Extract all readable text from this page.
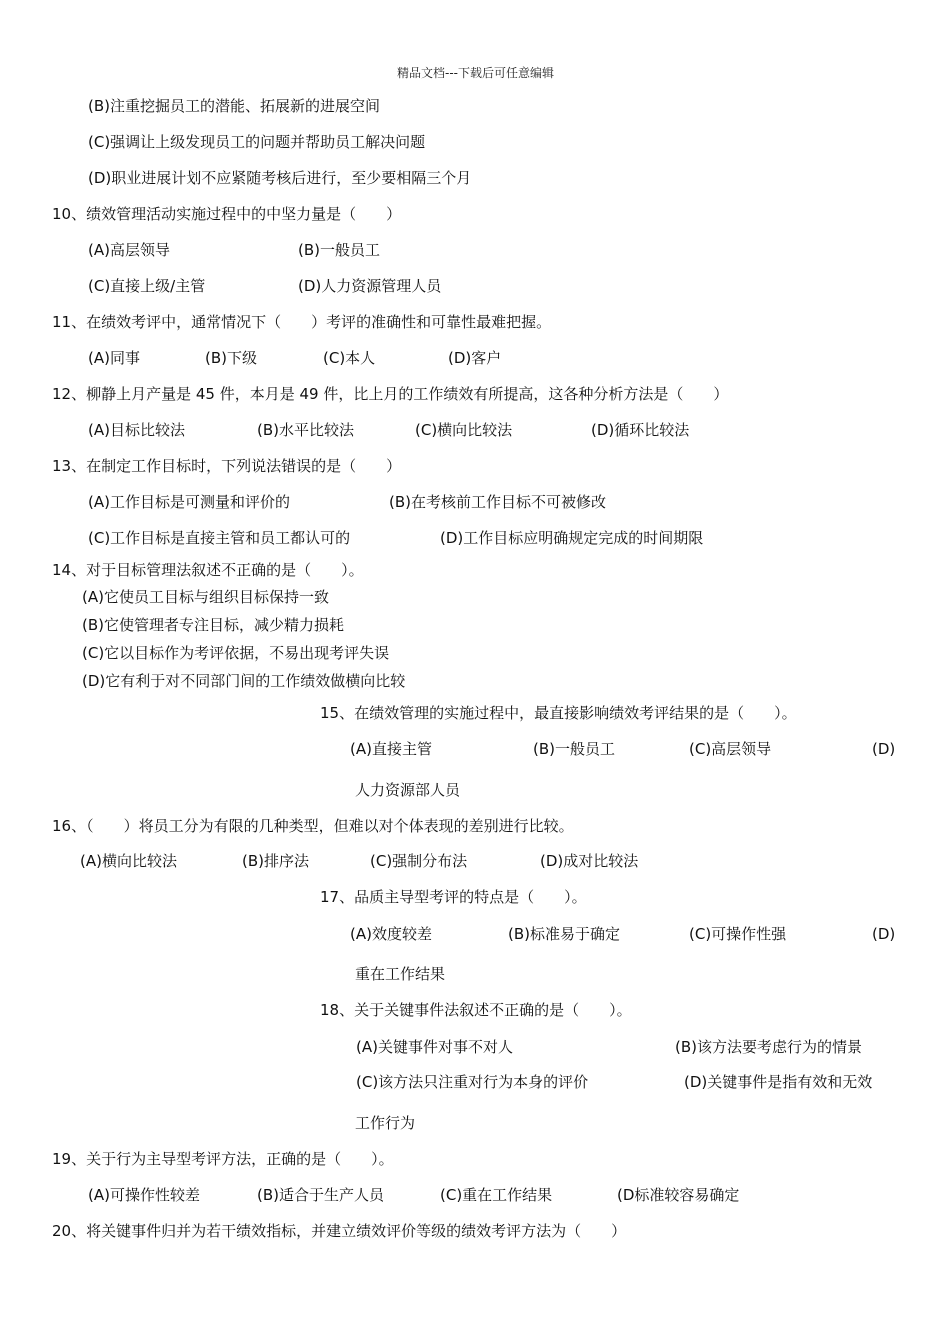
精品文档---下载后可任意编辑
(B)注重挖掘员工的潜能、拓展新的进展空间
(C)强调让上级发现员工的问题并帮助员工解决问题
(D)职业进展计划不应紧随考核后进行，至少要相隔三个月
10、绩效管理活动实施过程中的中坚力量是（　　）
(A)高层领导	(B)一般员工
(C)直接上级/主管	(D)人力资源管理人员
11、在绩效考评中，通常情况下（　　）考评的准确性和可靠性最难把握。
(A)同事	(B)下级	(C)本人	(D)客户
12、柳静上月产量是 45 件，本月是 49 件，比上月的工作绩效有所提高，这各种分析方法是（　　）
(A)目标比较法	(B)水平比较法	(C)横向比较法	(D)循环比较法
13、在制定工作目标时，下列说法错误的是（　　）
(A)工作目标是可测量和评价的	(B)在考核前工作目标不可被修改
(C)工作目标是直接主管和员工都认可的	(D)工作目标应明确规定完成的时间期限
14、对于目标管理法叙述不正确的是（　　）。
(A)它使员工目标与组织目标保持一致
(B)它使管理者专注目标，减少精力损耗
(C)它以目标作为考评依据，不易出现考评失误
(D)它有利于对不同部门间的工作绩效做横向比较
15、在绩效管理的实施过程中，最直接影响绩效考评结果的是（　　）。
(A)直接主管	(B)一般员工	(C)高层领导	(D)
人力资源部人员
16、（　　）将员工分为有限的几种类型，但难以对个体表现的差别进行比较。
(A)横向比较法	(B)排序法	(C)强制分布法	(D)成对比较法
17、品质主导型考评的特点是（　　）。
(A)效度较差	(B)标准易于确定	(C)可操作性强	(D)
重在工作结果
18、关于关键事件法叙述不正确的是（　　）。
(A)关键事件对事不对人	(B)该方法要考虑行为的情景
(C)该方法只注重对行为本身的评价	(D)关键事件是指有效和无效
工作行为
19、关于行为主导型考评方法，正确的是（　　）。
(A)可操作性较差	(B)适合于生产人员	(C)重在工作结果	(D标准较容易确定
20、将关键事件归并为若干绩效指标，并建立绩效评价等级的绩效考评方法为（　　）
